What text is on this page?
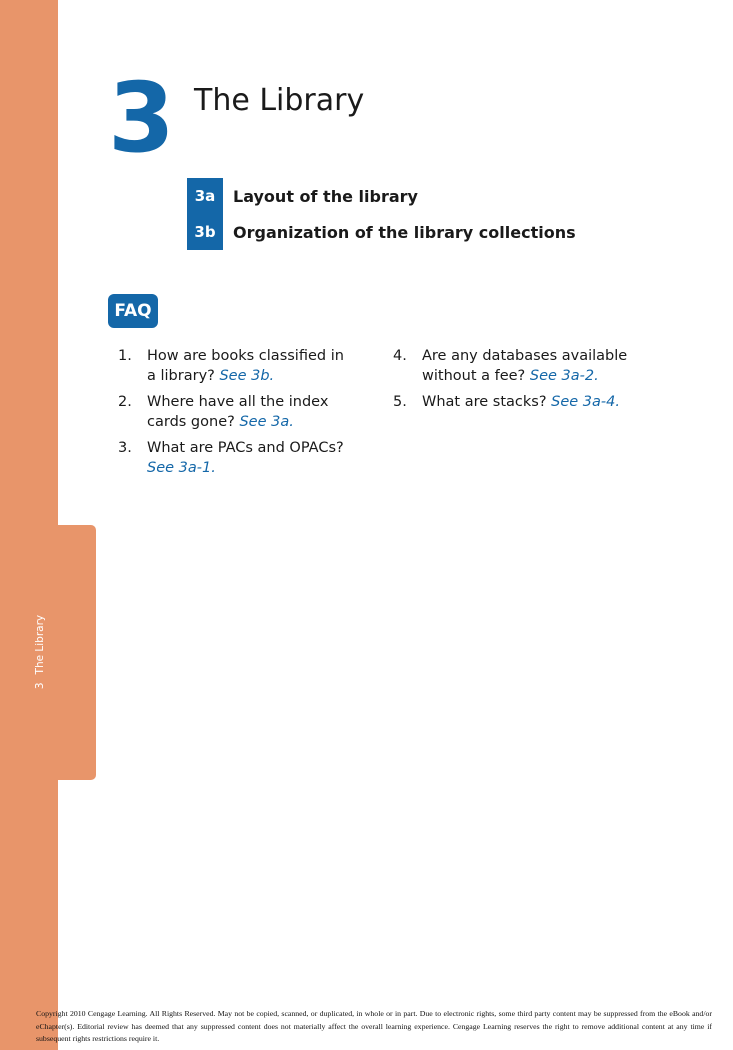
3The Library
3 The Library
3a	Layout of the library
3b	Organization of the library collections
FAQ
1.	How are books classified in a library? See 3b.
2.	Where have all the index cards gone? See 3a.
3.	What are PACs and OPACs? See 3a-1.
4.	Are any databases available without a fee? See 3a-2.
5.	What are stacks? See 3a-4.
Copyright 2010 Cengage Learning. All Rights Reserved. May not be copied, scanned, or duplicated, in whole or in part. Due to electronic rights, some third party content may be suppressed from the eBook and/or eChapter(s). Editorial review has deemed that any suppressed content does not materially affect the overall learning experience. Cengage Learning reserves the right to remove additional content at any time if subsequent rights restrictions require it.
